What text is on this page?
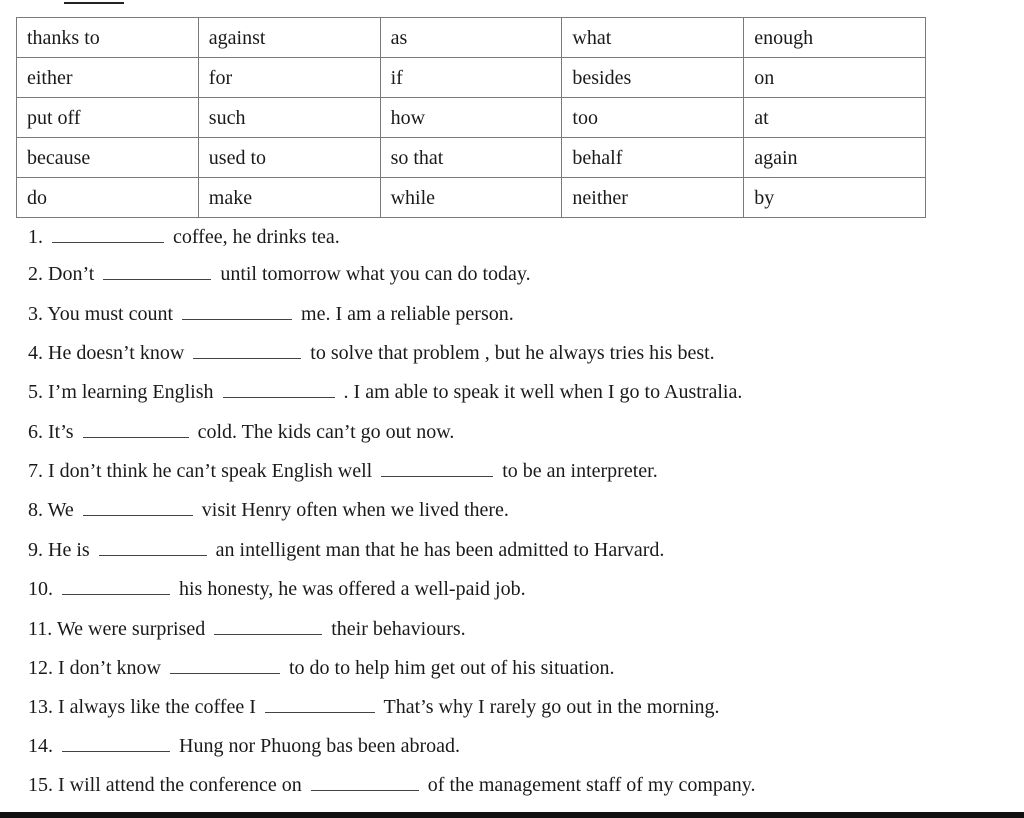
thanks to	against	as	what	enough
either	for	if	besides	on
put off	such	how	too	at
because	used to	so that	behalf	again
do	make	while	neither	by
1.	coffee, he drinks tea.
2. Don’t	until tomorrow what you can do today.
3. You must count	me. I am a reliable person.
4. He doesn’t know	to solve that problem , but he always tries his best.
5. I’m learning English	. I am able to speak it well when I go to Australia.
6. It’s	cold. The kids can’t go out now.
7. I don’t think he can’t speak English well	to be an interpreter.
8. We	visit Henry often when we lived there.
9. He is	an intelligent man that he has been admitted to Harvard.
10.	his honesty, he was offered a well-paid job.
11. We were surprised	their behaviours.
12. I don’t know	to do to help him get out of his situation.
13. I always like the coffee I	That’s why I rarely go out in the morning.
14.	Hung nor Phuong bas been abroad.
15. I will attend the conference on	of the management staff of my company.
